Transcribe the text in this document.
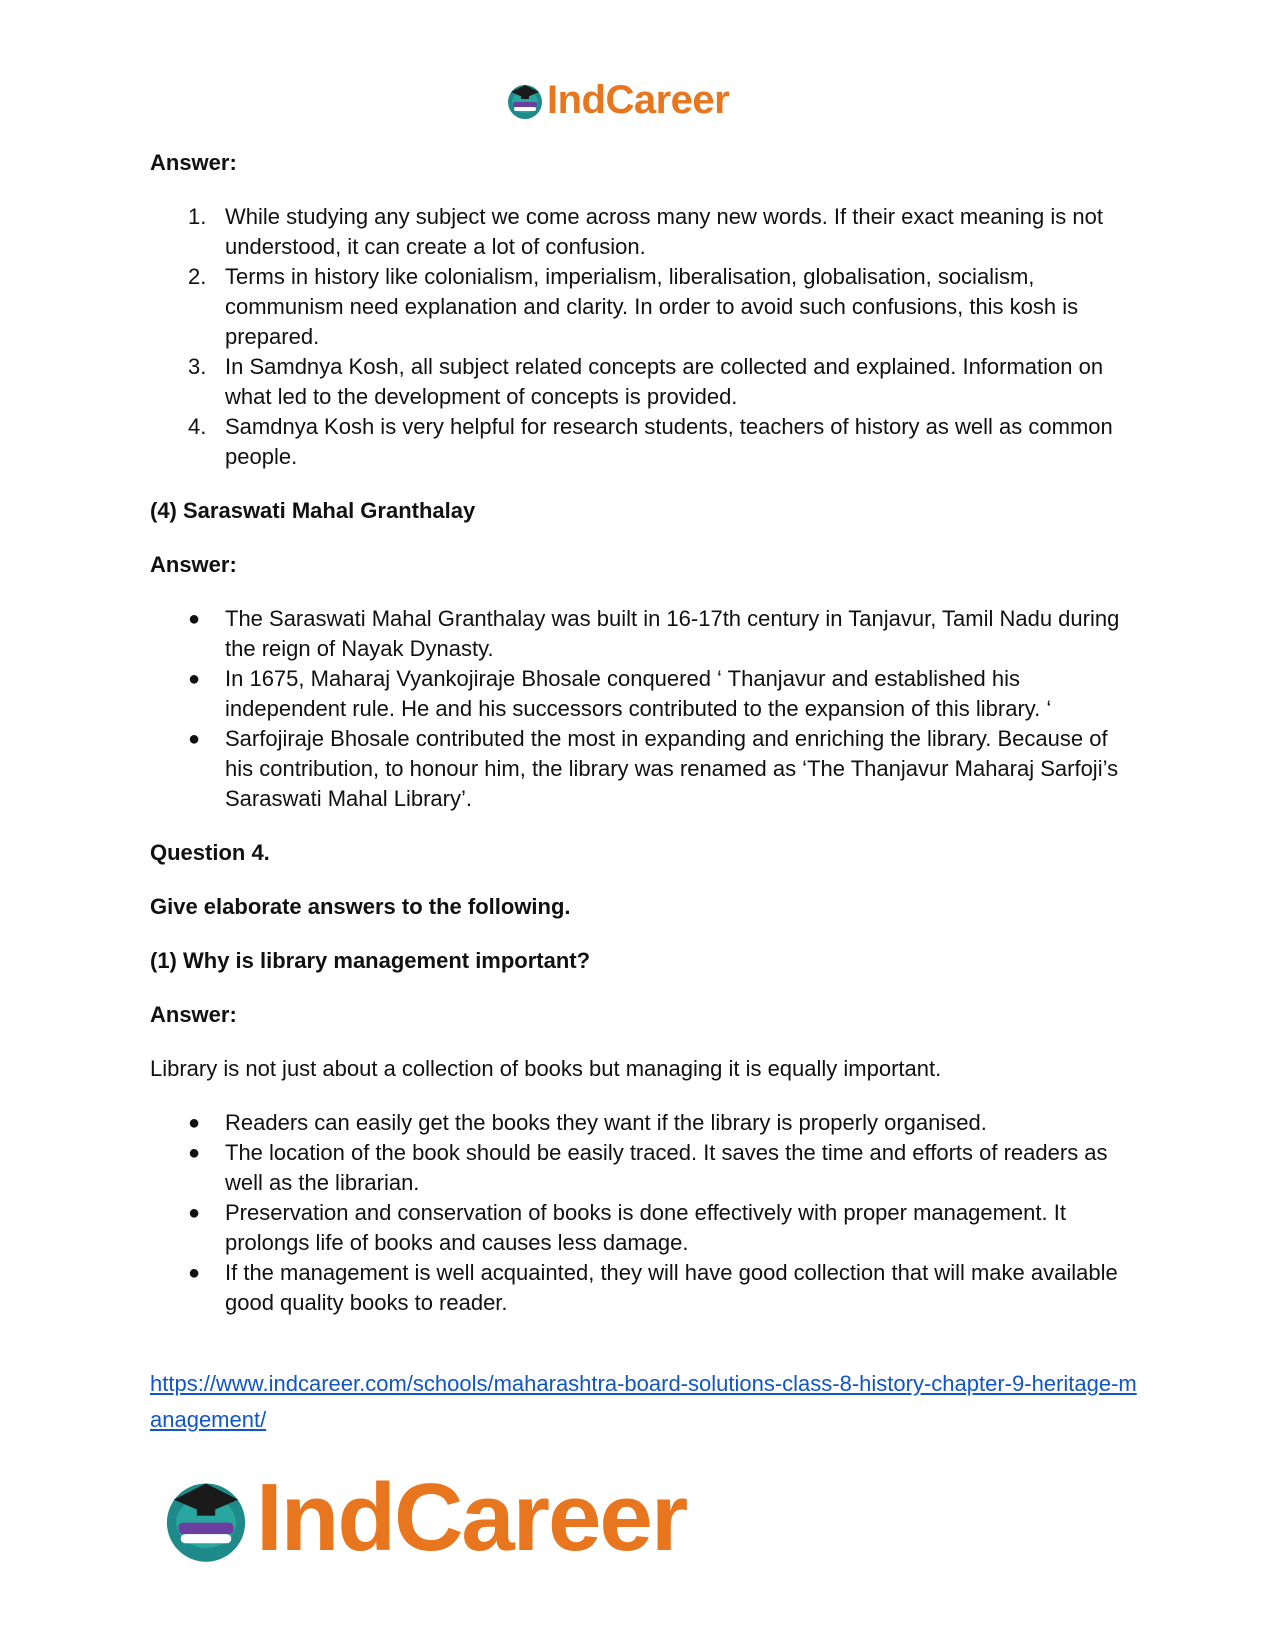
IndCareer

Answer:

1. While studying any subject we come across many new words. If their exact meaning is not understood, it can create a lot of confusion.
2. Terms in history like colonialism, imperialism, liberalisation, globalisation, socialism, communism need explanation and clarity. In order to avoid such confusions, this kosh is prepared.
3. In Samdnya Kosh, all subject related concepts are collected and explained. Information on what led to the development of concepts is provided.
4. Samdnya Kosh is very helpful for research students, teachers of history as well as common people.

(4) Saraswati Mahal Granthalay

Answer:

● The Saraswati Mahal Granthalay was built in 16-17th century in Tanjavur, Tamil Nadu during the reign of Nayak Dynasty.
● In 1675, Maharaj Vyankojiraje Bhosale conquered ‘ Thanjavur and established his independent rule. He and his successors contributed to the expansion of this library. ‘
● Sarfojiraje Bhosale contributed the most in expanding and enriching the library. Because of his contribution, to honour him, the library was renamed as ‘The Thanjavur Maharaj Sarfoji’s Saraswati Mahal Library’.

Question 4.

Give elaborate answers to the following.

(1) Why is library management important?

Answer:

Library is not just about a collection of books but managing it is equally important.

● Readers can easily get the books they want if the library is properly organised.
● The location of the book should be easily traced. It saves the time and efforts of readers as well as the librarian.
● Preservation and conservation of books is done effectively with proper management. It prolongs life of books and causes less damage.
● If the management is well acquainted, they will have good collection that will make available good quality books to reader.
https://www.indcareer.com/schools/maharashtra-board-solutions-class-8-history-chapter-9-heritage-management/
IndCareer
